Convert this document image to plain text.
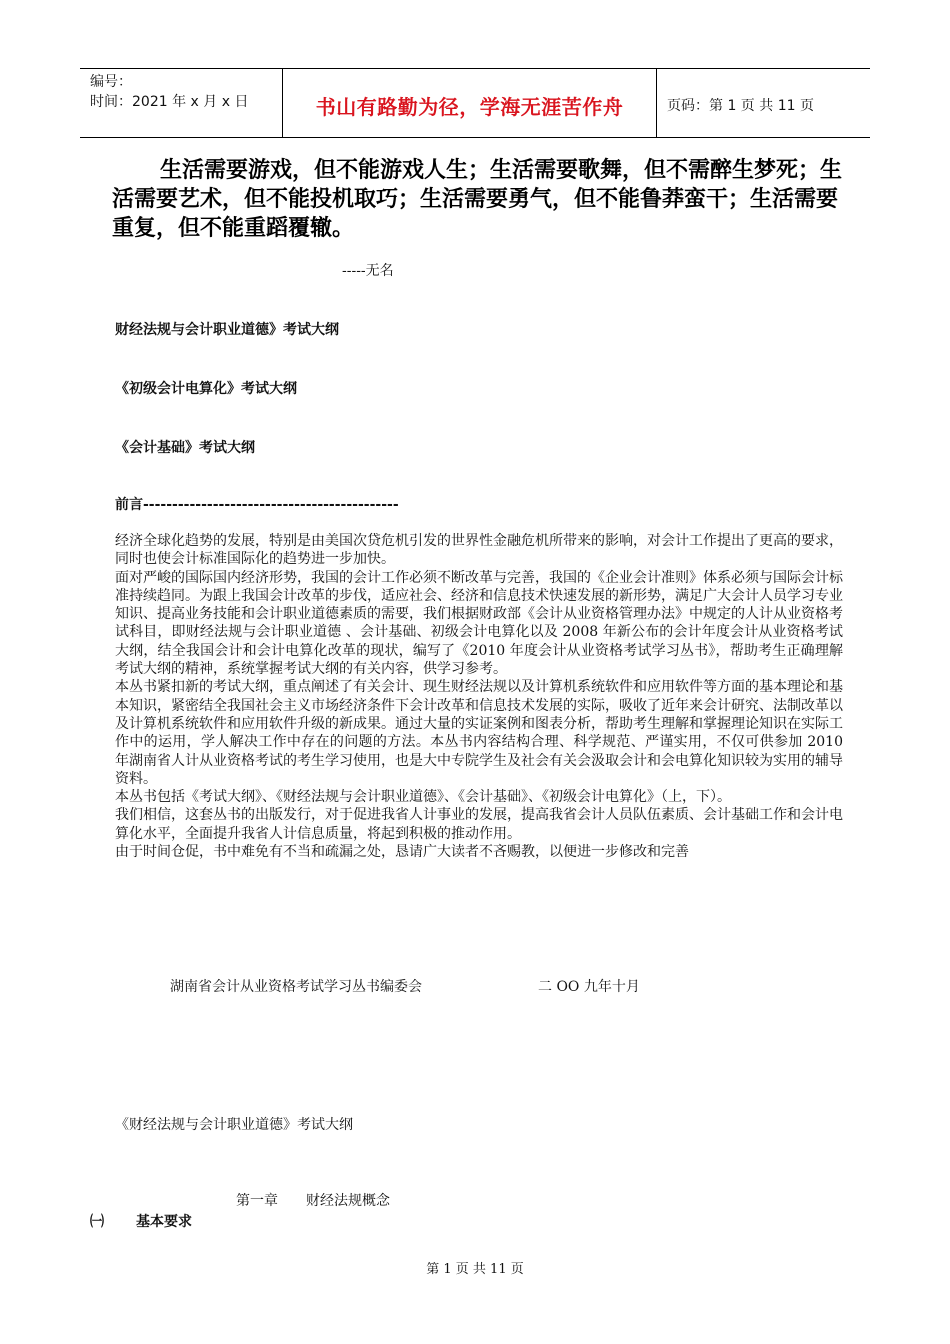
编号：
时间：2021 年 x 月 x 日	书山有路勤为径，学海无涯苦作舟	页码：第 1 页 共 11 页
生活需要游戏，但不能游戏人生；生活需要歌舞，但不需醉生梦死；生活需要艺术，但不能投机取巧；生活需要勇气，但不能鲁莽蛮干；生活需要重复，但不能重蹈覆辙。
-----无名
财经法规与会计职业道德》考试大纲
《初级会计电算化》考试大纲
《会计基础》考试大纲
前言--------------------------------------------

经济全球化趋势的发展，特别是由美国次贷危机引发的世界性金融危机所带来的影响，对会计工作提出了更高的要求，同时也使会计标准国际化的趋势进一步加快。

面对严峻的国际国内经济形势，我国的会计工作必须不断改革与完善，我国的《企业会计准则》体系必须与国际会计标准持续趋同。为跟上我国会计改革的步伐，适应社会、经济和信息技术快速发展的新形势，满足广大会计人员学习专业知识、提高业务技能和会计职业道德素质的需要，我们根据财政部《会计从业资格管理办法》中规定的人计从业资格考试科目，即财经法规与会计职业道德 、会计基础、初级会计电算化以及 2008 年新公布的会计年度会计从业资格考试大纲，结全我国会计和会计电算化改革的现状，编写了《2010 年度会计从业资格考试学习丛书》，帮助考生正确理解考试大纲的精神，系统掌握考试大纲的有关内容，供学习参考。

本丛书紧扣新的考试大纲，重点阐述了有关会计、现生财经法规以及计算机系统软件和应用软件等方面的基本理论和基本知识，紧密结全我国社会主义市场经济条件下会计改革和信息技术发展的实际，吸收了近年来会计研究、法制改革以及计算机系统软件和应用软件升级的新成果。通过大量的实证案例和图表分析，帮助考生理解和掌握理论知识在实际工作中的运用，学人解决工作中存在的问题的方法。本丛书内容结构合理、科学规范、严谨实用，不仅可供参加 2010 年湖南省人计从业资格考试的考生学习使用，也是大中专院学生及社会有关会汲取会计和会电算化知识较为实用的辅导资料。

本丛书包括《考试大纲》、《财经法规与会计职业道德》、《会计基础》、《初级会计电算化》（上，下）。

我们相信，这套丛书的出版发行，对于促进我省人计事业的发展，提高我省会计人员队伍素质、会计基础工作和会计电算化水平，全面提升我省人计信息质量，将起到积极的推动作用。

由于时间仓促，书中难免有不当和疏漏之处，恳请广大读者不吝赐教，以便进一步修改和完善

湖南省会计从业资格考试学习丛书编委会	二 OO 九年十月
《财经法规与会计职业道德》考试大纲
第一章　　财经法规概念
㈠ 基本要求
第 1 页 共 11 页
